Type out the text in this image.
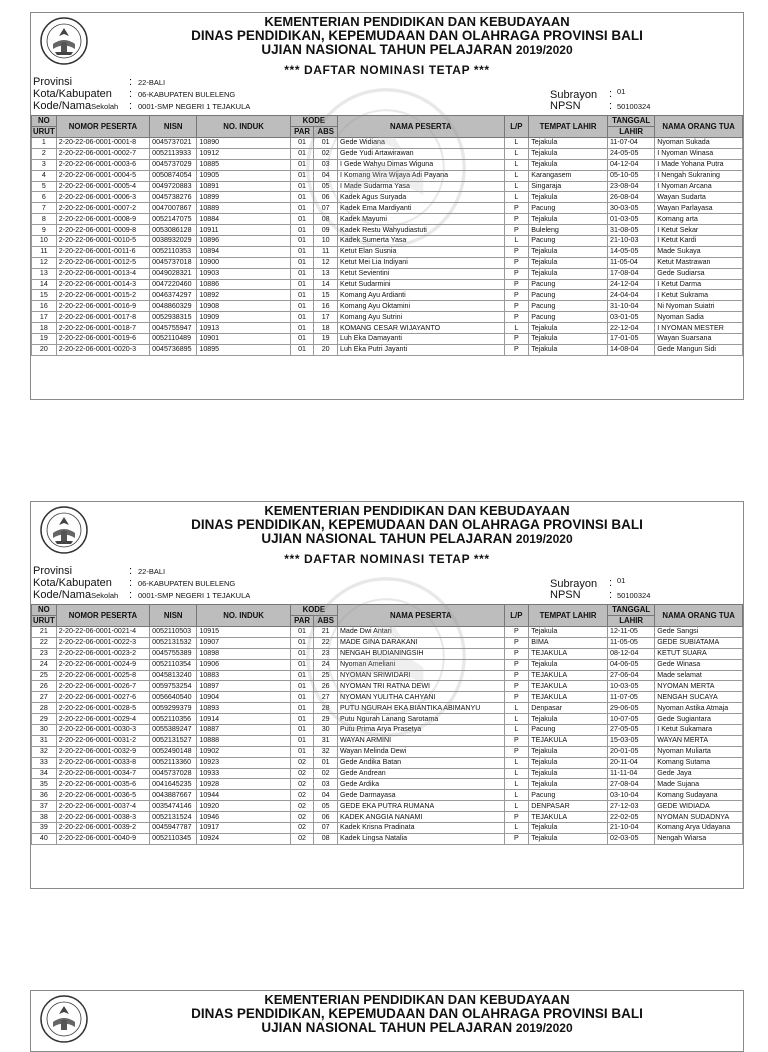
KEMENTERIAN PENDIDIKAN DAN KEBUDAYAAN
DINAS PENDIDIKAN, KEPEMUDAAN DAN OLAHRAGA PROVINSI BALI
UJIAN NASIONAL TAHUN PELAJARAN 2019/2020
*** DAFTAR NOMINASI TETAP ***
Provinsi	: 22-BALI
Kota/Kabupaten : 06-KABUPATEN BULELENG
Kode/NamaSekolah : 0001-SMP NEGERI 1 TEJAKULA
Subrayon : 01
NPSN	: 50100324
NO	NOMOR PESERTA	NISN	NO. INDUK	KODE		NAMA PESERTA	L/P	TEMPAT LAHIR	TANGGAL	NAMA ORANG TUA
URUT				PAR	ABS				LAHIR	
1	2-20-22-06-0001-0001-8	0045737021	10890	01	01	Gede Widiana	L	Tejakula	11-07-04	Nyoman Sukada
2	2-20-22-06-0001-0002-7	0052113933	10912	01	02	Gede Yudi Artawirawan	L	Tejakula	24-05-05	I Nyoman Winasa
3	2-20-22-06-0001-0003-6	0045737029	10885	01	03	I Gede Wahyu Dimas Wiguna	L	Tejakula	04-12-04	I Made Yohana Putra
4	2-20-22-06-0001-0004-5	0050874054	10905	01	04	I Komang Wira Wijaya Adi Payana	L	Karangasem	05-10-05	I Nengah Sukraning
5	2-20-22-06-0001-0005-4	0049720883	10891	01	05	I Made Sudarma Yasa	L	Singaraja	23-08-04	I Nyoman Arcana
6	2-20-22-06-0001-0006-3	0045738276	10899	01	06	Kadek Agus Suryada	L	Tejakula	26-08-04	Wayan Sudarta
7	2-20-22-06-0001-0007-2	0047007867	10889	01	07	Kadek Ema Mardiyanti	P	Pacung	30-03-05	Wayan Parlayasa
8	2-20-22-06-0001-0008-9	0052147075	10884	01	08	Kadek Mayumi	P	Tejakula	01-03-05	Komang arta
9	2-20-22-06-0001-0009-8	0053086128	10911	01	09	Kadek Restu Wahyudiastuti	P	Buleleng	31-08-05	I Ketut Sekar
10	2-20-22-06-0001-0010-5	0038932029	10896	01	10	Kadek Sumerta Yasa	L	Pacung	21-10-03	I Ketut Kardi
11	2-20-22-06-0001-0011-6	0052110353	10894	01	11	Ketut Elan Susnia	P	Tejakula	14-05-05	Made Sukaya
12	2-20-22-06-0001-0012-5	0045737018	10900	01	12	Ketut Mei Lia Indiyani	P	Tejakula	11-05-04	Ketut Mastrawan
13	2-20-22-06-0001-0013-4	0049028321	10903	01	13	Ketut Sevientini	P	Tejakula	17-08-04	Gede Sudiarsa
14	2-20-22-06-0001-0014-3	0047220460	10886	01	14	Ketut Sudarmini	P	Pacung	24-12-04	I Ketut Darma
15	2-20-22-06-0001-0015-2	0046374297	10892	01	15	Komang Ayu Ardianti	P	Pacung	24-04-04	I Ketut Sukrama
16	2-20-22-06-0001-0016-9	0048860329	10908	01	16	Komang Ayu Oktamini	P	Pacung	31-10-04	Ni Nyoman Suiatri
17	2-20-22-06-0001-0017-8	0052938315	10909	01	17	Komang Ayu Sutrini	P	Pacung	03-01-05	Nyoman Sadia
18	2-20-22-06-0001-0018-7	0045755947	10913	01	18	KOMANG CESAR WIJAYANTO	L	Tejakula	22-12-04	I NYOMAN MESTER
19	2-20-22-06-0001-0019-6	0052110489	10901	01	19	Luh Eka Damayanti	P	Tejakula	17-01-05	Wayan Suarsana
20	2-20-22-06-0001-0020-3	0045736895	10895	01	20	Luh Eka Putri Jayanti	P	Tejakula	14-08-04	Gede Mangun Sidi
KEMENTERIAN PENDIDIKAN DAN KEBUDAYAAN
DINAS PENDIDIKAN, KEPEMUDAAN DAN OLAHRAGA PROVINSI BALI
UJIAN NASIONAL TAHUN PELAJARAN 2019/2020
*** DAFTAR NOMINASI TETAP ***
Provinsi	: 22-BALI
Kota/Kabupaten : 06-KABUPATEN BULELENG
Kode/NamaSekolah : 0001-SMP NEGERI 1 TEJAKULA
Subrayon : 01
NPSN	: 50100324
NO	NOMOR PESERTA	NISN	NO. INDUK	KODE		NAMA PESERTA	L/P	TEMPAT LAHIR	TANGGAL	NAMA ORANG TUA
URUT				PAR	ABS				LAHIR	
21	2-20-22-06-0001-0021-4	0052110503	10915	01	21	Made Dwi Antari	P	Tejakula	12-11-05	Gede Sangsi
22	2-20-22-06-0001-0022-3	0052131532	10907	01	22	MADE GINA DARAKANI	P	BIMA	11-05-05	GEDE SUBIATAMA
23	2-20-22-06-0001-0023-2	0045755389	10898	01	23	NENGAH BUDIANINGSIH	P	TEJAKULA	08-12-04	KETUT SUARA
24	2-20-22-06-0001-0024-9	0052110354	10906	01	24	Nyoman Ameliani	P	Tejakula	04-06-05	Gede Winasa
25	2-20-22-06-0001-0025-8	0045813240	10883	01	25	NYOMAN SRIWIDARI	P	TEJAKULA	27-06-04	Made selamat
26	2-20-22-06-0001-0026-7	0059753254	10897	01	26	NYOMAN TRI RATNA DEWI	P	TEJAKULA	10-03-05	NYOMAN MERTA
27	2-20-22-06-0001-0027-6	0056640540	10904	01	27	NYOMAN YULITHA CAHYANI	P	TEJAKULA	11-07-05	NENGAH SUCAYA
28	2-20-22-06-0001-0028-5	0059299379	10893	01	28	PUTU NGURAH EKA BIANTIKA ABIMANYU	L	Denpasar	29-06-05	Nyoman Astika Atmaja
29	2-20-22-06-0001-0029-4	0052110356	10914	01	29	Putu Ngurah Lanang Sarotama	L	Tejakula	10-07-05	Gede Sugiantara
30	2-20-22-06-0001-0030-3	0055389247	10887	01	30	Putu Prima Arya Prasetya	L	Pacung	27-05-05	I Ketut Sukamara
31	2-20-22-06-0001-0031-2	0052131527	10888	01	31	WAYAN ARMINI	P	TEJAKULA	15-03-05	WAYAN MERTA
32	2-20-22-06-0001-0032-9	0052490148	10902	01	32	Wayan Melinda Dewi	P	Tejakula	20-01-05	Nyoman Muliarta
33	2-20-22-06-0001-0033-8	0052113360	10923	02	01	Gede Andika Batan	L	Tejakula	20-11-04	Komang Sutama
34	2-20-22-06-0001-0034-7	0045737028	10933	02	02	Gede Andrean	L	Tejakula	11-11-04	Gede Jaya
35	2-20-22-06-0001-0035-6	0041645235	10928	02	03	Gede Ardika	L	Tejakula	27-08-04	Made Sujana
36	2-20-22-06-0001-0036-5	0043887667	10944	02	04	Gede Darmayasa	L	Pacung	03-10-04	Komang Sudayana
37	2-20-22-06-0001-0037-4	0035474146	10920	02	05	GEDE EKA PUTRA RUMANA	L	DENPASAR	27-12-03	GEDE WIDIADA
38	2-20-22-06-0001-0038-3	0052131524	10946	02	06	KADEK ANGGIA NANAMI	P	TEJAKULA	22-02-05	NYOMAN SUDADNYA
39	2-20-22-06-0001-0039-2	0045947787	10917	02	07	Kadek Krisna Pradinata	L	Tejakula	21-10-04	Komang Arya Udayana
40	2-20-22-06-0001-0040-9	0052110345	10924	02	08	Kadek Lingsa Natalia	P	Tejakula	02-03-05	Nengah Wiarsa
KEMENTERIAN PENDIDIKAN DAN KEBUDAYAAN
DINAS PENDIDIKAN, KEPEMUDAAN DAN OLAHRAGA PROVINSI BALI
UJIAN NASIONAL TAHUN PELAJARAN 2019/2020
